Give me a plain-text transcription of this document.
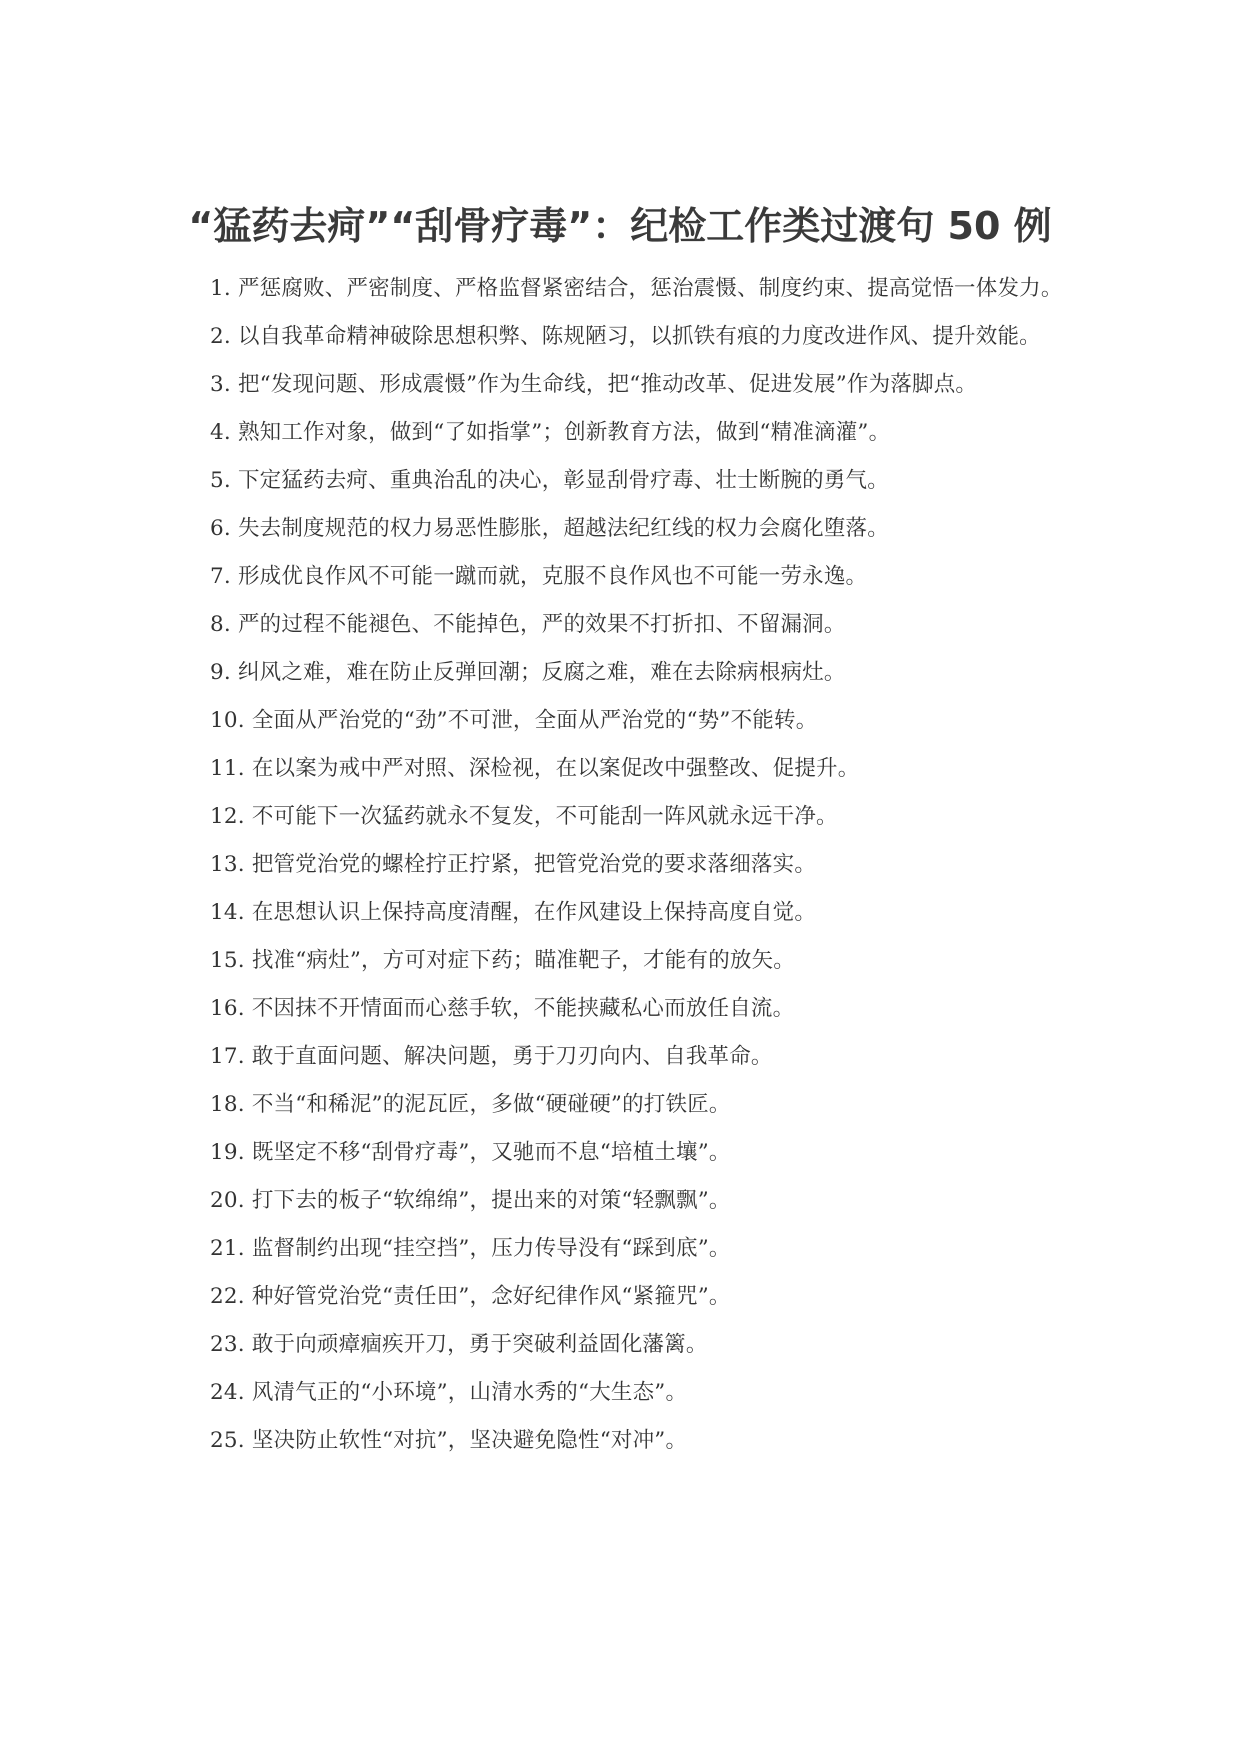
“猛药去疴”“刮骨疗毒”：纪检工作类过渡句 50 例
1. 严惩腐败、严密制度、严格监督紧密结合，惩治震慑、制度约束、提高觉悟一体发力。
2. 以自我革命精神破除思想积弊、陈规陋习，以抓铁有痕的力度改进作风、提升效能。
3. 把“发现问题、形成震慑”作为生命线，把“推动改革、促进发展”作为落脚点。
4. 熟知工作对象，做到“了如指掌”；创新教育方法，做到“精准滴灌”。
5. 下定猛药去疴、重典治乱的决心，彰显刮骨疗毒、壮士断腕的勇气。
6. 失去制度规范的权力易恶性膨胀，超越法纪红线的权力会腐化堕落。
7. 形成优良作风不可能一蹴而就，克服不良作风也不可能一劳永逸。
8. 严的过程不能褪色、不能掉色，严的效果不打折扣、不留漏洞。
9. 纠风之难，难在防止反弹回潮；反腐之难，难在去除病根病灶。
10. 全面从严治党的“劲”不可泄，全面从严治党的“势”不能转。
11. 在以案为戒中严对照、深检视，在以案促改中强整改、促提升。
12. 不可能下一次猛药就永不复发，不可能刮一阵风就永远干净。
13. 把管党治党的螺栓拧正拧紧，把管党治党的要求落细落实。
14. 在思想认识上保持高度清醒，在作风建设上保持高度自觉。
15. 找准“病灶”，方可对症下药；瞄准靶子，才能有的放矢。
16. 不因抹不开情面而心慈手软，不能挟藏私心而放任自流。
17. 敢于直面问题、解决问题，勇于刀刃向内、自我革命。
18. 不当“和稀泥”的泥瓦匠，多做“硬碰硬”的打铁匠。
19. 既坚定不移“刮骨疗毒”，又驰而不息“培植土壤”。
20. 打下去的板子“软绵绵”，提出来的对策“轻飘飘”。
21. 监督制约出现“挂空挡”，压力传导没有“踩到底”。
22. 种好管党治党“责任田”，念好纪律作风“紧箍咒”。
23. 敢于向顽瘴痼疾开刀，勇于突破利益固化藩篱。
24. 风清气正的“小环境”，山清水秀的“大生态”。
25. 坚决防止软性“对抗”，坚决避免隐性“对冲”。
